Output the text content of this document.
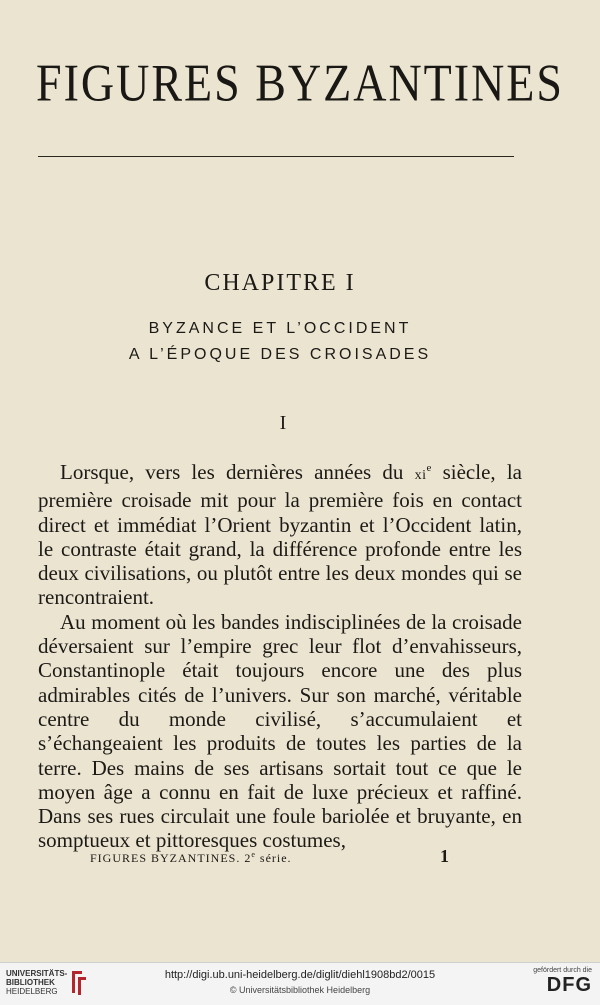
FIGURES BYZANTINES
CHAPITRE I
BYZANCE ET L’OCCIDENT
A L’ÉPOQUE DES CROISADES
I

Lorsque, vers les dernières années du $xi^e$ siècle, la première croisade mit pour la première fois en contact direct et immédiat l’Orient byzantin et l’Occident latin, le contraste était grand, la différence profonde entre les deux civilisations, ou plutôt entre les deux mondes qui se rencontraient.

Au moment où les bandes indisciplinées de la croisade déversaient sur l’empire grec leur flot d’envahisseurs, Constantinople était toujours encore une des plus admirables cités de l’univers. Sur son marché, véritable centre du monde civilisé, s’accumulaient et s’échangeaient les produits de toutes les parties de la terre. Des mains de ses artisans sortait tout ce que le moyen âge a connu en fait de luxe précieux et raffiné. Dans ses rues circulait une foule bariolée et bruyante, en somptueux et pittoresques costumes,

FIGURES BYZANTINES. 2e série.	1
UNIVERSITÄTS-
BIBLIOTHEK
HEIDELBERG
http://digi.ub.uni-heidelberg.de/diglit/diehl1908bd2/0015
© Universitätsbibliothek Heidelberg
gefördert durch die
DFG
